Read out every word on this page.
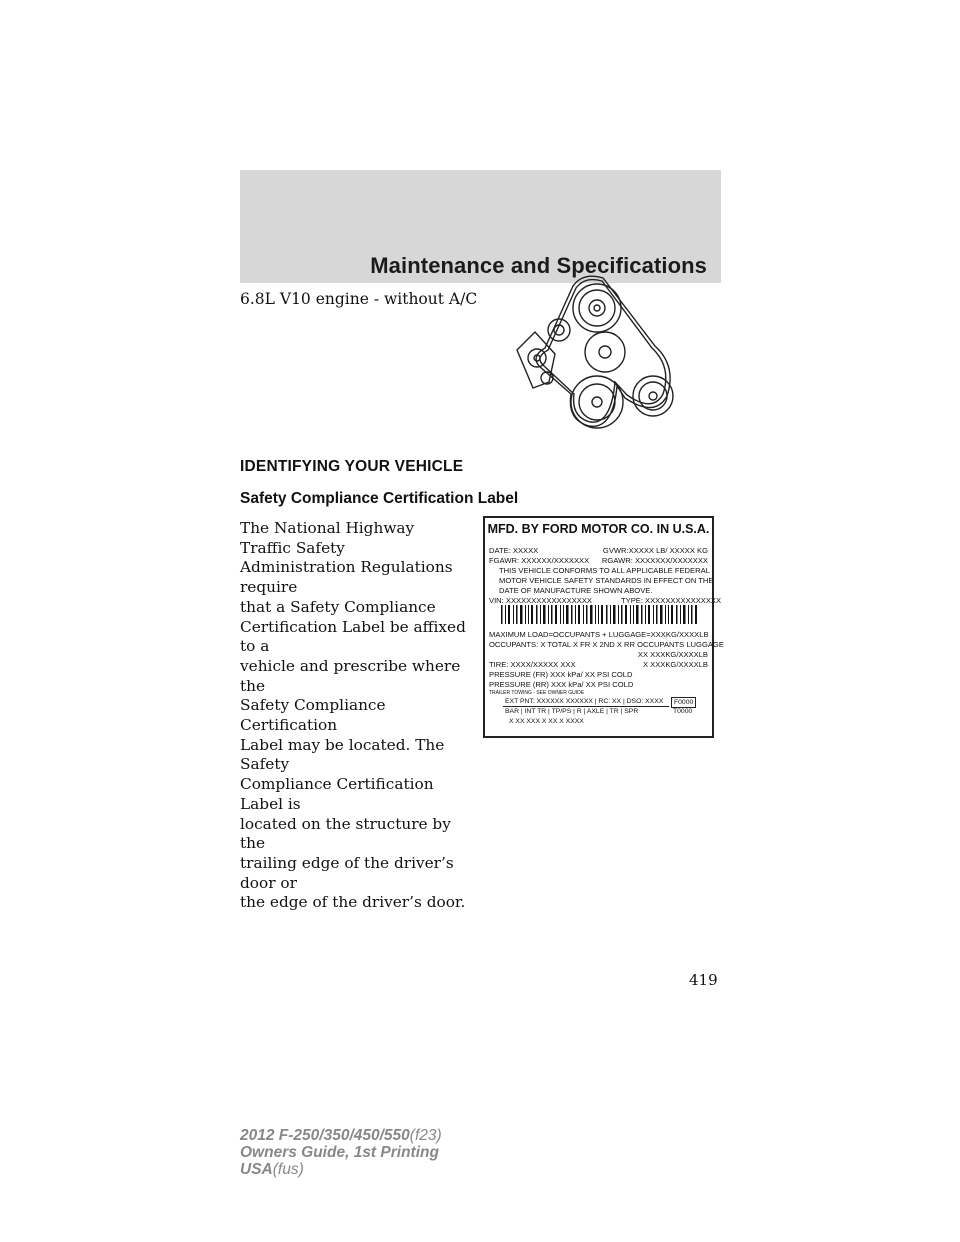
Maintenance and Specifications
6.8L V10 engine - without A/C
IDENTIFYING YOUR VEHICLE
Safety Compliance Certification Label
The National Highway Traffic Safety
Administration Regulations require
that a Safety Compliance
Certification Label be affixed to a
vehicle and prescribe where the
Safety Compliance Certification
Label may be located. The Safety
Compliance Certification Label is
located on the structure by the
trailing edge of the driver’s door or
the edge of the driver’s door.
MFD. BY FORD MOTOR CO. IN U.S.A.
DATE: XXXXX	GVWR:XXXXX LB/ XXXXX KG
FGAWR: XXXXXX/XXXXXXX RGAWR: XXXXXXX/XXXXXXX
THIS VEHICLE CONFORMS TO ALL APPLICABLE FEDERAL
MOTOR VEHICLE SAFETY STANDARDS IN EFFECT ON THE
DATE OF MANUFACTURE SHOWN ABOVE.
VIN: XXXXXXXXXXXXXXXXX	TYPE: XXXXXXXXXXXXXXX
MAXIMUM LOAD=OCCUPANTS + LUGGAGE=XXXKG/XXXXLB
OCCUPANTS: X TOTAL X FR X 2ND X RR OCCUPANTS LUGGAGE
XX XXXKG/XXXXLB
TIRE: XXXX/XXXXX XXX	X XXXKG/XXXXLB
PRESSURE (FR) XXX kPa/ XX PSI COLD
PRESSURE (RR) XXX kPa/ XX PSI COLD
TRAILER TOWING - SEE OWNER GUIDE
EXT PNT: XXXXXX XXXXXX | RC: XX | DSO: XXXX	F0000
BAR | INT TR | TP/PS | R | AXLE | TR | SPR	T0000
X XX XXX X XX X XXXX
419
2012 F-250/350/450/550(f23)
Owners Guide, 1st Printing
USA(fus)
